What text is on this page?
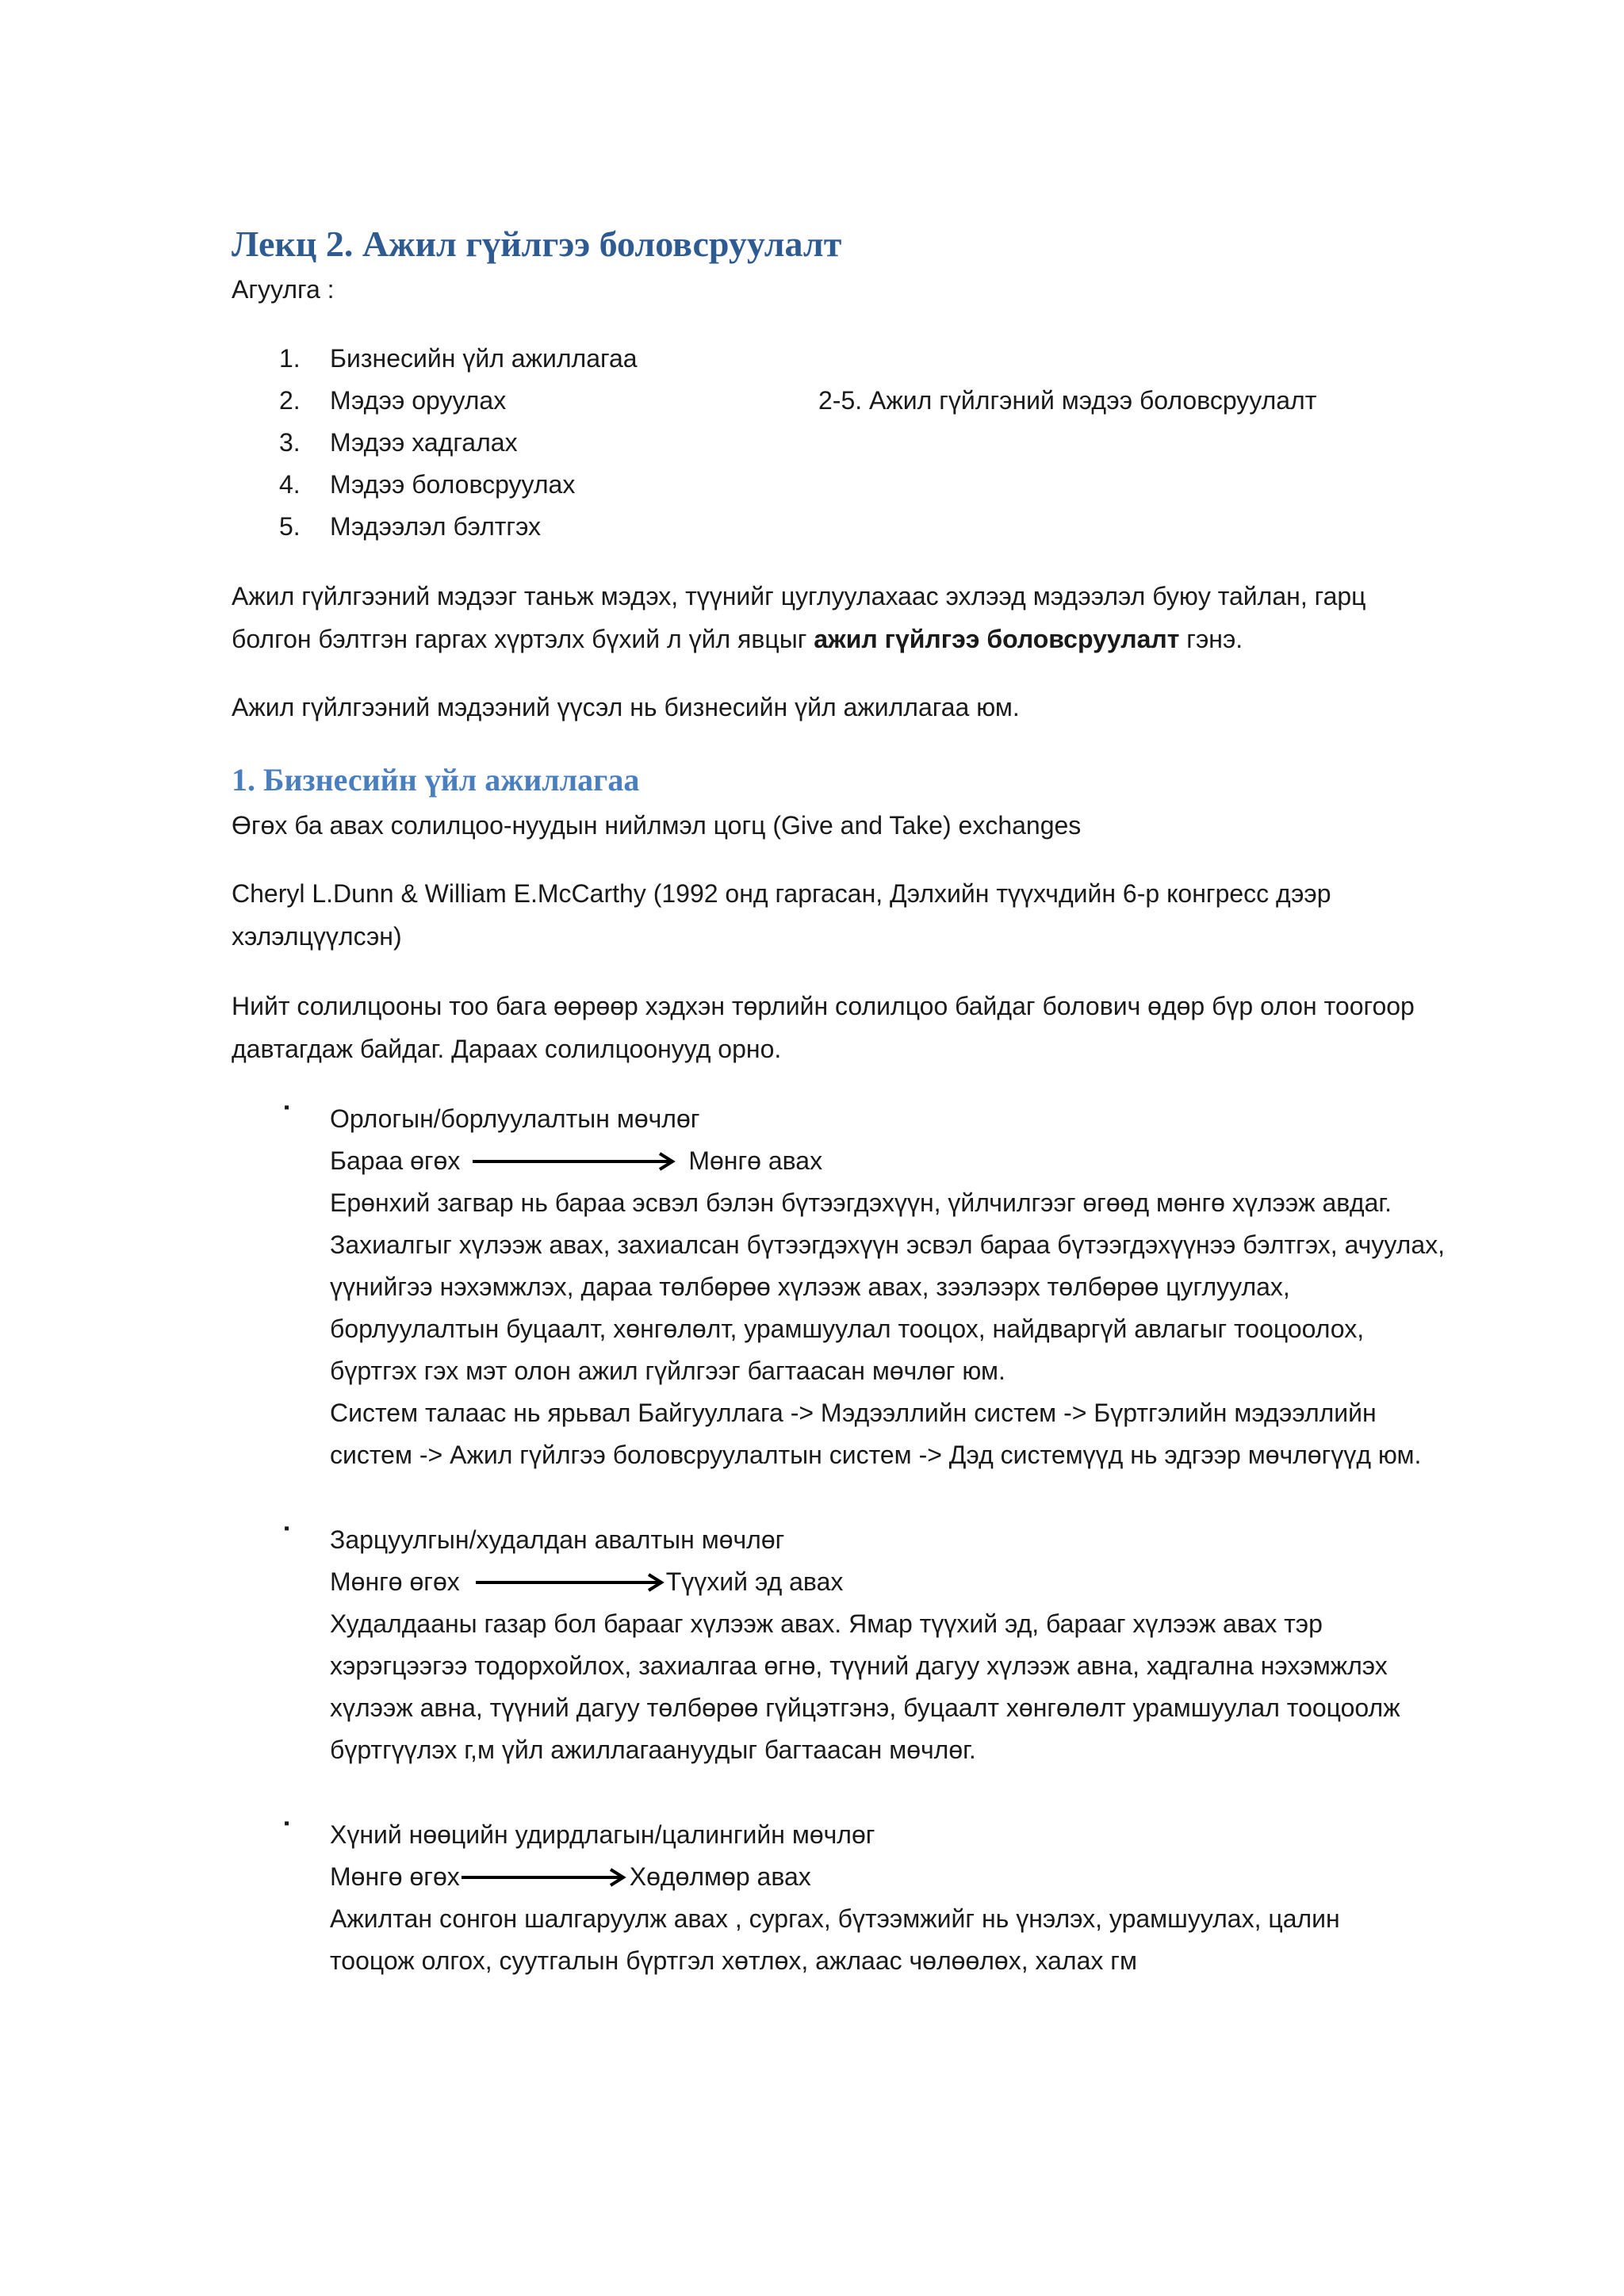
Лекц 2. Ажил гүйлгээ боловсруулалт
Агуулга :
1.	Бизнесийн үйл ажиллагаа
2.	Мэдээ оруулах
3.	Мэдээ хадгалах
4.	Мэдээ боловсруулах
5.	Мэдээлэл бэлтгэх
2-5. Ажил гүйлгэний мэдээ боловсруулалт
Ажил гүйлгээний мэдээг таньж мэдэх, түүнийг цуглуулахаас эхлээд мэдээлэл буюу тайлан, гарц
болгон бэлтгэн гаргах хүртэлх бүхий л үйл явцыг ажил гүйлгээ боловсруулалт гэнэ.
Ажил гүйлгээний мэдээний үүсэл нь бизнесийн үйл ажиллагаа юм.
1. Бизнесийн үйл ажиллагаа
Өгөх ба авах солилцоо-нуудын нийлмэл цогц (Give and Take) exchanges
Cheryl L.Dunn & William E.McCarthy (1992 онд гаргасан, Дэлхийн түүхчдийн 6-р конгресс дээр
хэлэлцүүлсэн)
Нийт солилцооны тоо бага өөрөөр хэдхэн төрлийн солилцоо байдаг болович өдөр бүр олон тоогоор
давтагдаж байдаг. Дараах солилцоонууд орно.
▪ Орлогын/борлуулалтын мөчлөг
Бараа өгөх	Мөнгө авах
Ерөнхий загвар нь бараа эсвэл бэлэн бүтээгдэхүүн, үйлчилгээг өгөөд мөнгө хүлээж авдаг.
Захиалгыг хүлээж авах, захиалсан бүтээгдэхүүн эсвэл бараа бүтээгдэхүүнээ бэлтгэх, ачуулах,
үүнийгээ нэхэмжлэх, дараа төлбөрөө хүлээж авах, зээлээрх төлбөрөө цуглуулах,
борлуулалтын буцаалт, хөнгөлөлт, урамшуулал тооцох, найдваргүй авлагыг тооцоолох,
бүртгэх гэх мэт олон ажил гүйлгээг багтаасан мөчлөг юм.
Систем талаас нь ярьвал Байгууллага -> Мэдээллийн систем -> Бүртгэлийн мэдээллийн
систем -> Ажил гүйлгээ боловсруулалтын систем -> Дэд системүүд нь эдгээр мөчлөгүүд юм.
▪ Зарцуулгын/худалдан авалтын мөчлөг
Мөнгө өгөх	Түүхий эд авах
Худалдааны газар бол барааг хүлээж авах. Ямар түүхий эд, барааг хүлээж авах тэр
хэрэгцээгээ тодорхойлох, захиалгаа өгнө, түүний дагуу хүлээж авна, хадгална нэхэмжлэх
хүлээж авна, түүний дагуу төлбөрөө гүйцэтгэнэ, буцаалт хөнгөлөлт урамшуулал тооцоолж
бүртгүүлэх г,м үйл ажиллагаануудыг багтаасан мөчлөг.
▪ Хүний нөөцийн удирдлагын/цалингийн мөчлөг
Мөнгө өгөх	Хөдөлмөр авах
Ажилтан сонгон шалгаруулж авах , сургах, бүтээмжийг нь үнэлэх, урамшуулах, цалин
тооцож олгох, суутгалын бүртгэл хөтлөх, ажлаас чөлөөлөх, халах гм
